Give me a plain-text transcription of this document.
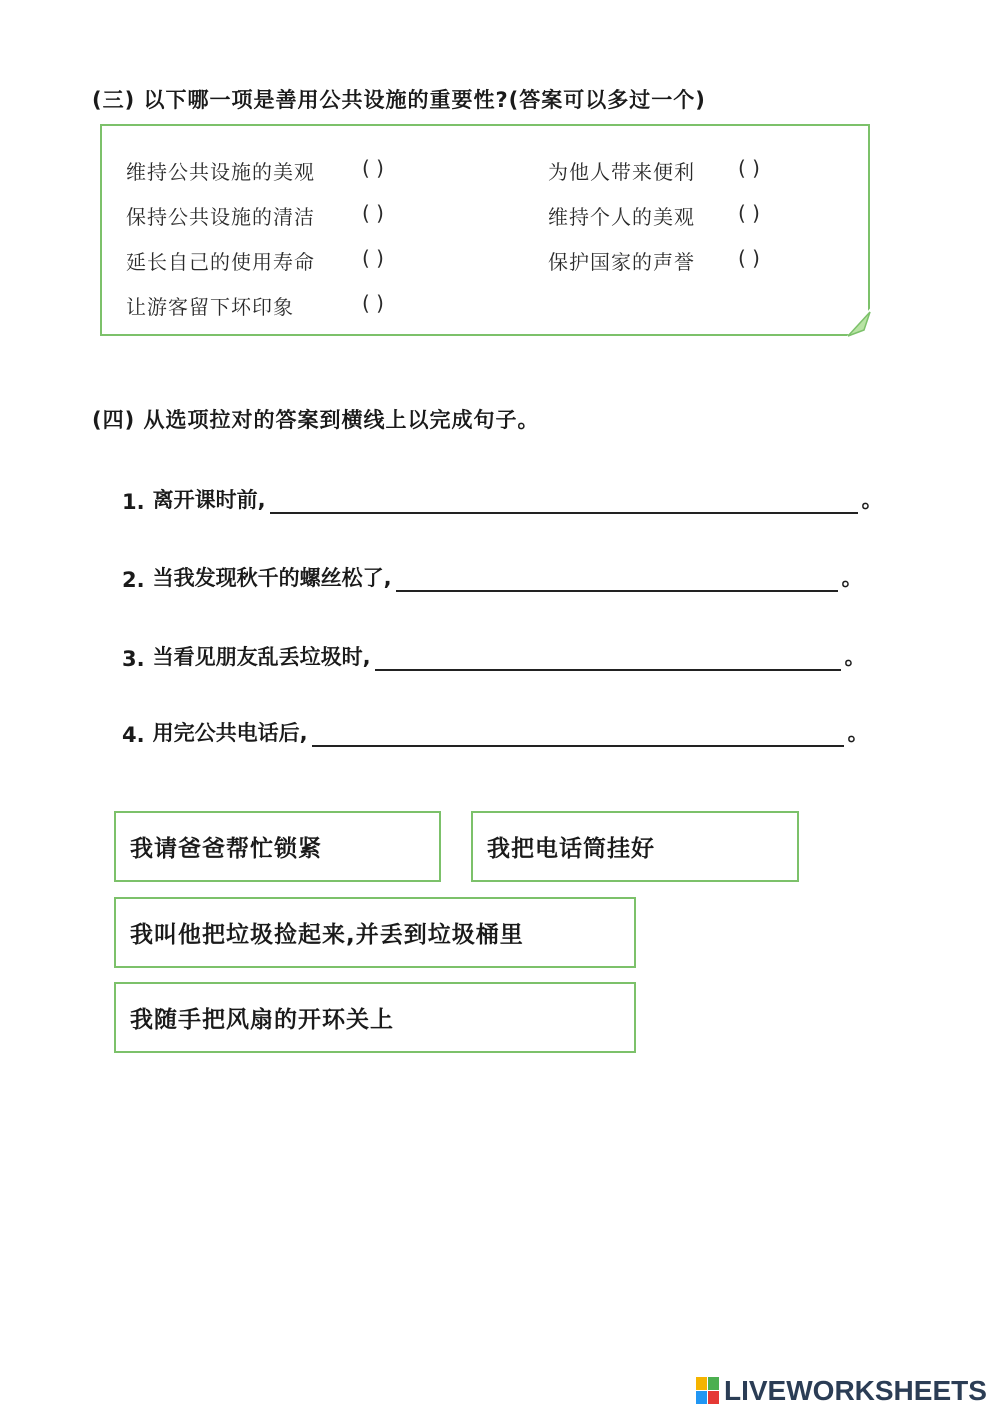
(三) 以下哪一项是善用公共设施的重要性?(答案可以多过一个)
维持公共设施的美观 ( )
保持公共设施的清洁 ( )
延长自己的使用寿命 ( )
让游客留下坏印象	( )
为他人带来便利 ( )
维持个人的美观 ( )
保护国家的声誉 ( )
(四) 从选项拉对的答案到横线上以完成句子。
1. 离开课时前,	。
2. 当我发现秋千的螺丝松了,	。
3. 当看见朋友乱丢垃圾时,	。
4. 用完公共电话后,	。
我请爸爸帮忙锁紧	我把电话筒挂好
我叫他把垃圾捡起来,并丢到垃圾桶里
我随手把风扇的开环关上
LIVEWORKSHEETS
